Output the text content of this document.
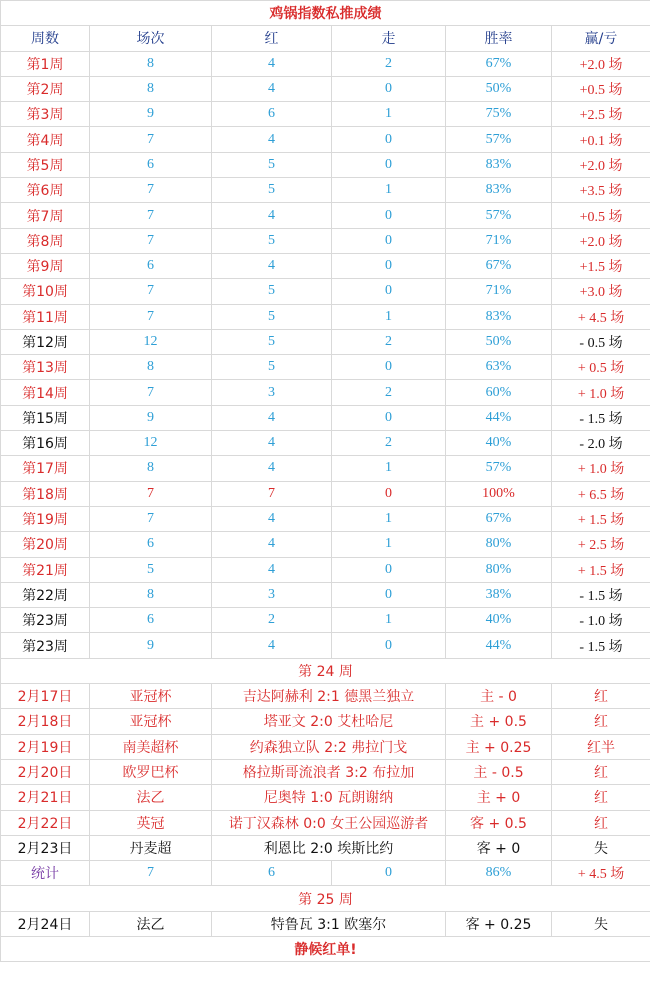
鸡锅指数私推成绩					
周数	场次	红	走	胜率	赢/亏
第1周	8	4	2	67%	+2.0 场
第2周	8	4	0	50%	+0.5 场
第3周	9	6	1	75%	+2.5 场
第4周	7	4	0	57%	+0.1 场
第5周	6	5	0	83%	+2.0 场
第6周	7	5	1	83%	+3.5 场
第7周	7	4	0	57%	+0.5 场
第8周	7	5	0	71%	+2.0 场
第9周	6	4	0	67%	+1.5 场
第10周	7	5	0	71%	+3.0 场
第11周	7	5	1	83%	+ 4.5 场
第12周	12	5	2	50%	- 0.5 场
第13周	8	5	0	63%	+ 0.5 场
第14周	7	3	2	60%	+ 1.0 场
第15周	9	4	0	44%	- 1.5 场
第16周	12	4	2	40%	- 2.0 场
第17周	8	4	1	57%	+ 1.0 场
第18周	7	7	0	100%	+ 6.5 场
第19周	7	4	1	67%	+ 1.5 场
第20周	6	4	1	80%	+ 2.5 场
第21周	5	4	0	80%	+ 1.5 场
第22周	8	3	0	38%	- 1.5 场
第23周	6	2	1	40%	- 1.0 场
第23周	9	4	0	44%	- 1.5 场
第 24 周					
2月17日	亚冠杯	吉达阿赫利 2:1 德黑兰独立		主 - 0	红
2月18日	亚冠杯	塔亚文 2:0 艾杜哈尼		主 + 0.5	红
2月19日	南美超杯	约森独立队 2:2 弗拉门戈		主 + 0.25	红半
2月20日	欧罗巴杯	格拉斯哥流浪者 3:2 布拉加		主 - 0.5	红
2月21日	法乙	尼奥特 1:0 瓦朗谢纳		主 + 0	红
2月22日	英冠	诺丁汉森林 0:0 女王公园巡游者		客 + 0.5	红
2月23日	丹麦超	利恩比 2:0 埃斯比约		客 + 0	失
统计	7	6	0	86%	+ 4.5 场
第 25 周					
2月24日	法乙	特鲁瓦 3:1 欧塞尔		客 + 0.25	失
静候红单!					
